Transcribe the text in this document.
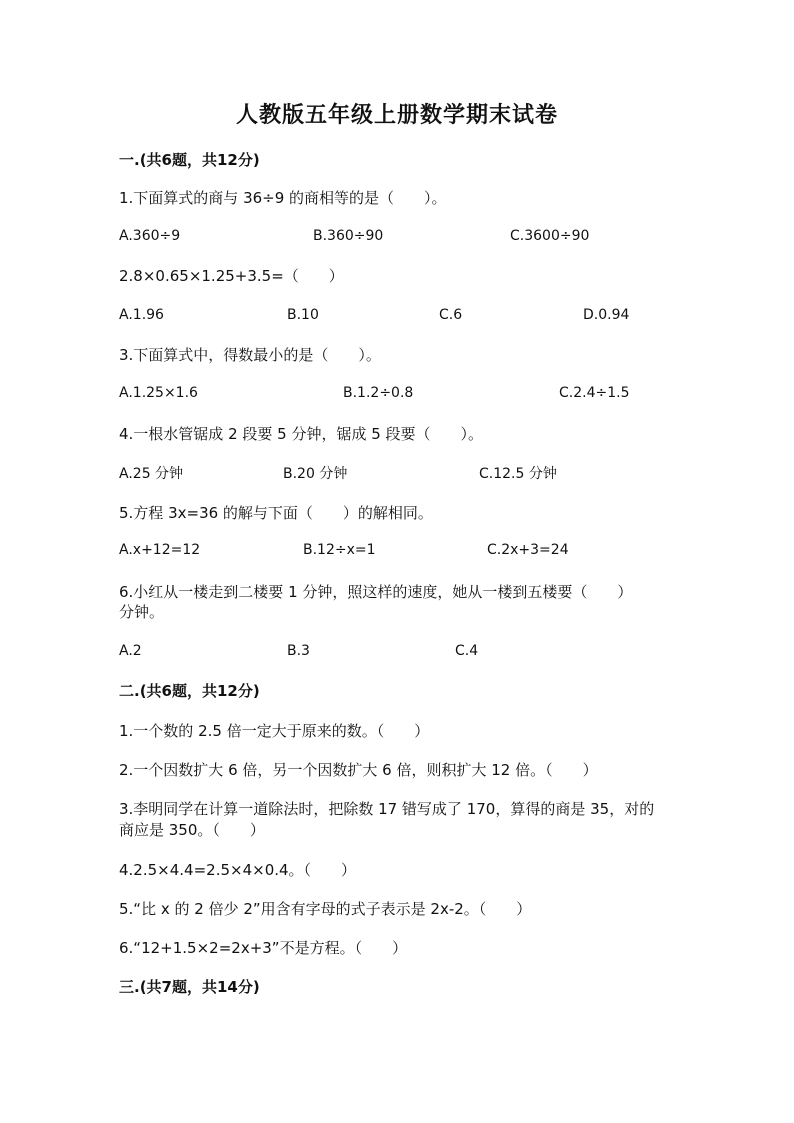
人教版五年级上册数学期末试卷
一.(共6题，共12分)
1.下面算式的商与 36÷9 的商相等的是（　　）。
A.360÷9	B.360÷90	C.3600÷90
2.8×0.65×1.25+3.5=（　　）
A.1.96	B.10	C.6	D.0.94
3.下面算式中，得数最小的是（　　）。
A.1.25×1.6	B.1.2÷0.8	C.2.4÷1.5
4.一根水管锯成 2 段要 5 分钟，锯成 5 段要（　　）。
A.25 分钟	B.20 分钟	C.12.5 分钟
5.方程 3x=36 的解与下面（　　）的解相同。
A.x+12=12	B.12÷x=1	C.2x+3=24
6.小红从一楼走到二楼要 1 分钟，照这样的速度，她从一楼到五楼要（　　）
分钟。
A.2	B.3	C.4
二.(共6题，共12分)
1.一个数的 2.5 倍一定大于原来的数。（　　）
2.一个因数扩大 6 倍，另一个因数扩大 6 倍，则积扩大 12 倍。（　　）
3.李明同学在计算一道除法时，把除数 17 错写成了 170，算得的商是 35，对的
商应是 350。（　　）
4.2.5×4.4=2.5×4×0.4。（　　）
5.“比 x 的 2 倍少 2”用含有字母的式子表示是 2x-2。（　　）
6.“12+1.5×2=2x+3”不是方程。（　　）
三.(共7题，共14分)
